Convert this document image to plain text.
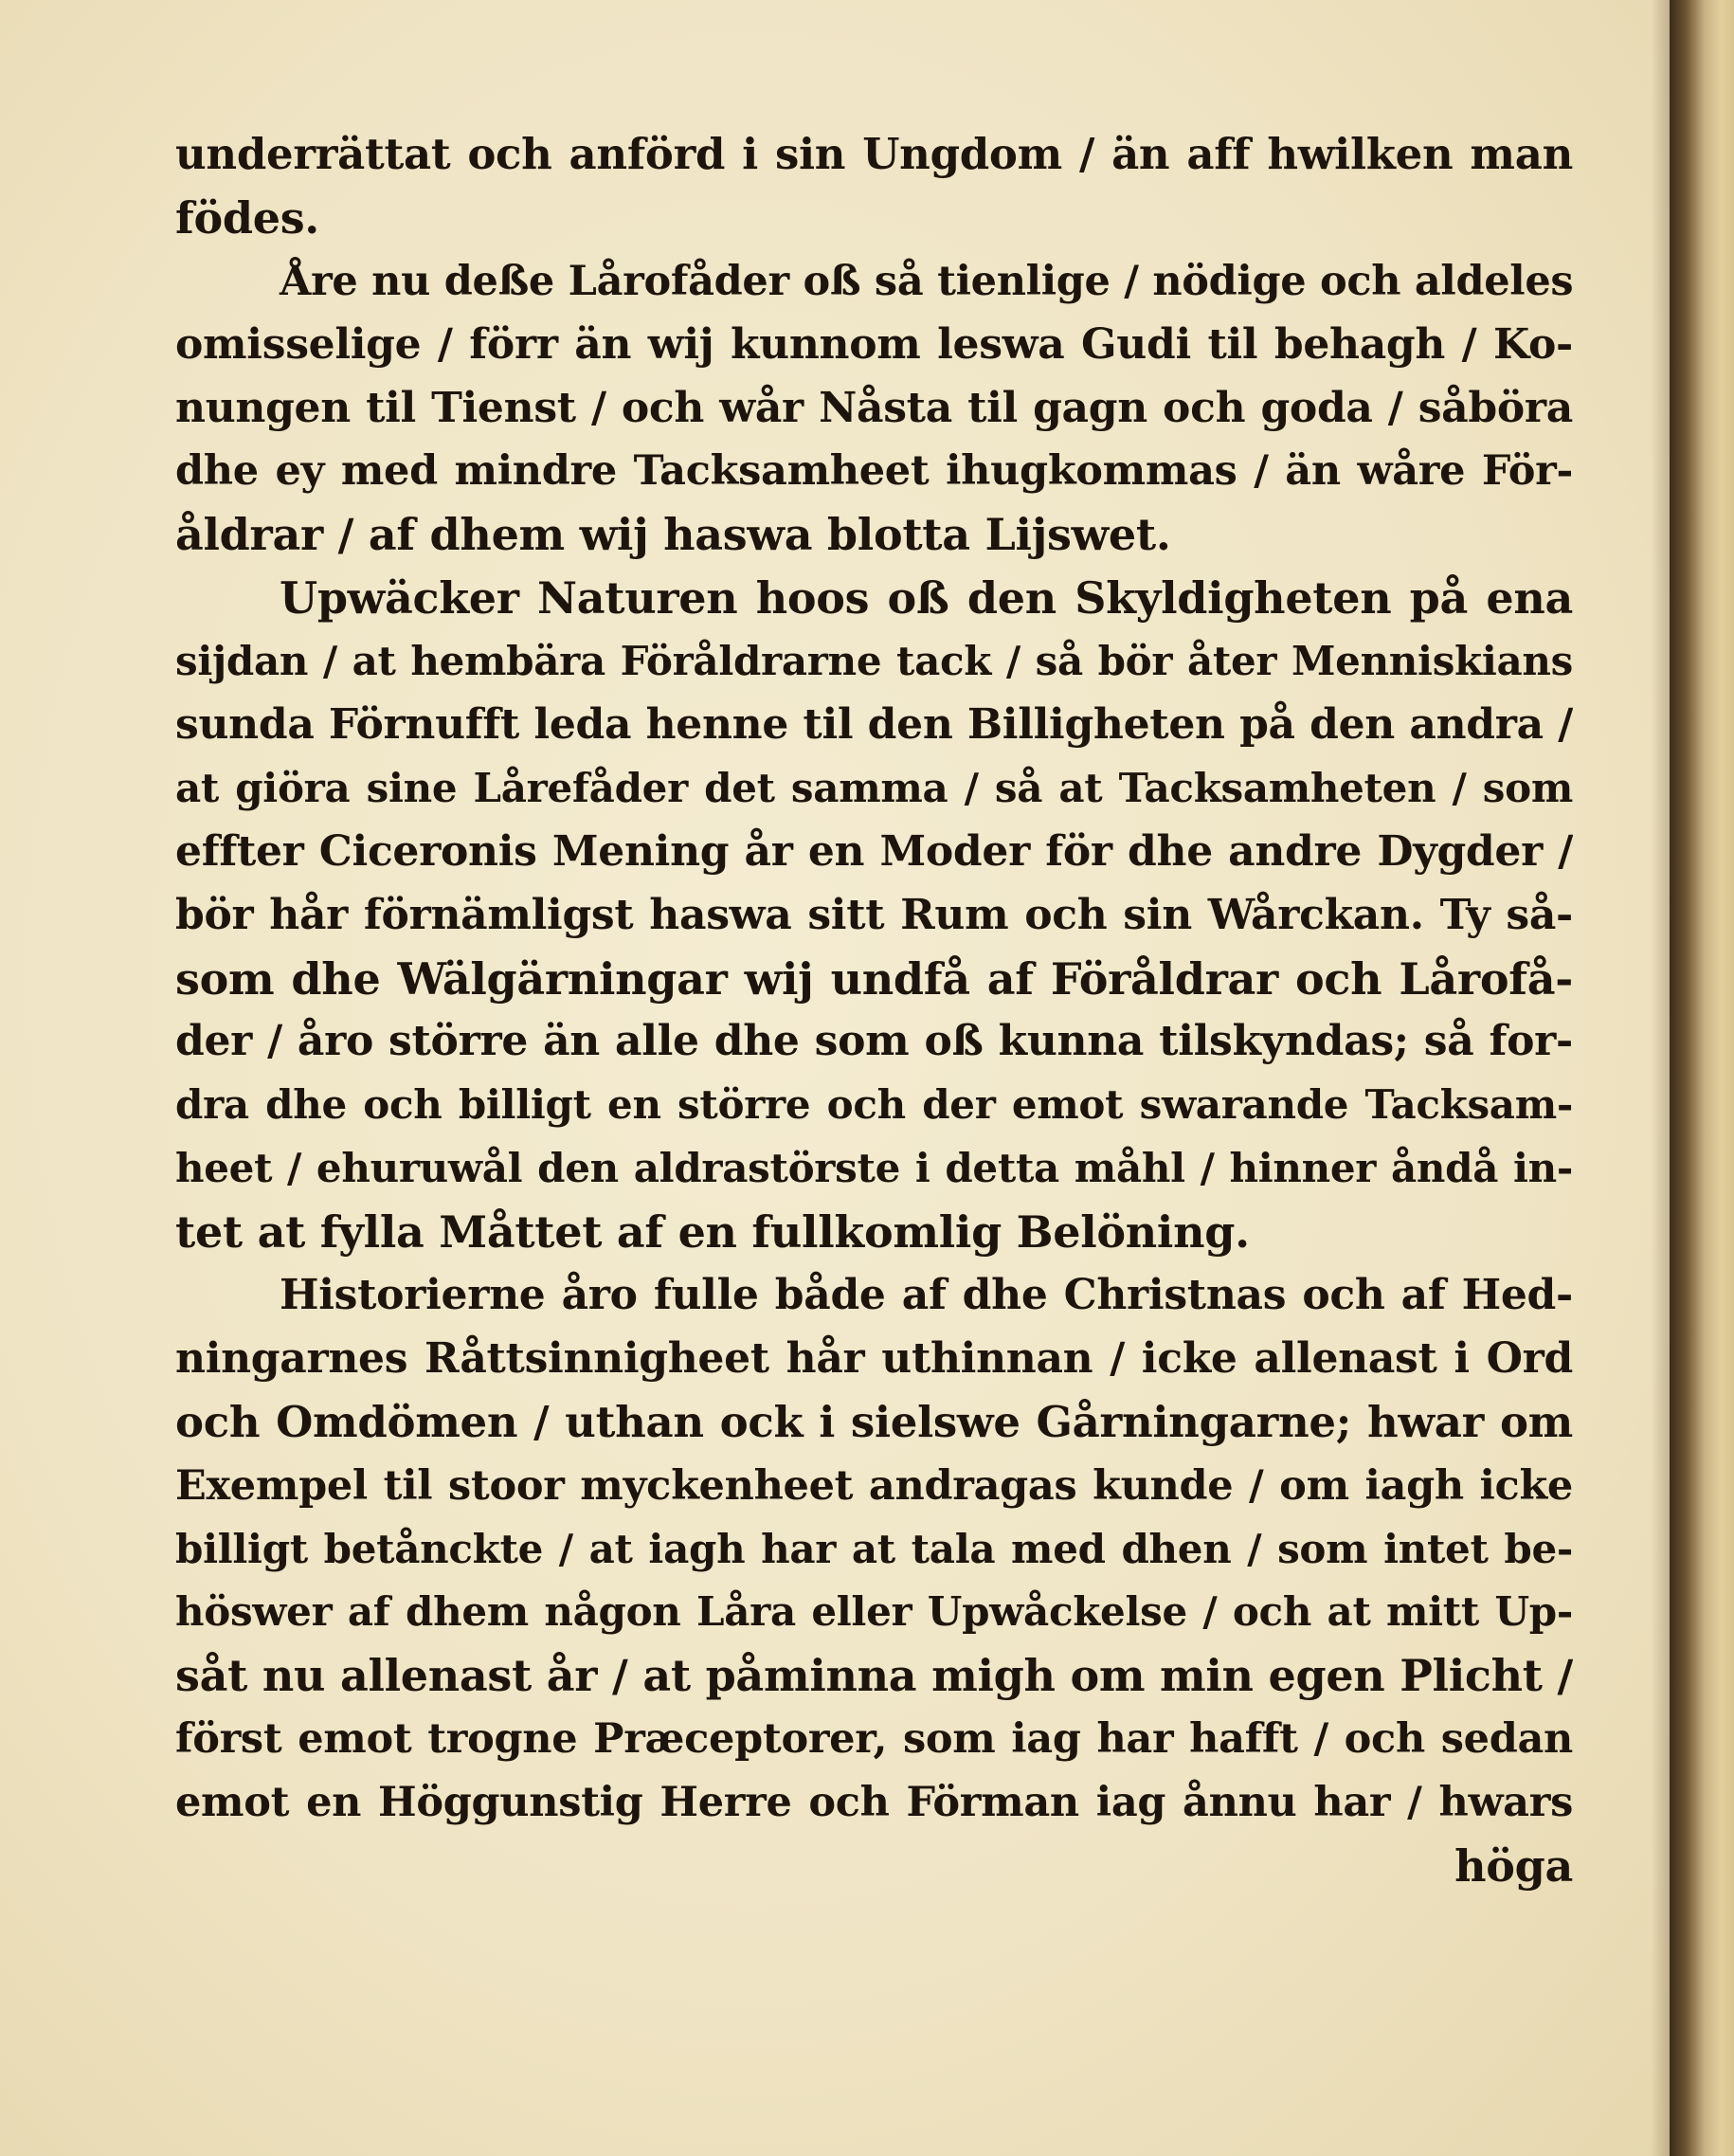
underrättat och anförd i sin Ungdom / än aff hwilken man
födes.
Åre nu deße Lårofåder oß så tienlige / nödige och aldeles
omisselige / förr än wij kunnom leswa Gudi til behagh / Ko-
nungen til Tienst / och wår Nåsta til gagn och goda / såböra
dhe ey med mindre Tacksamheet ihugkommas / än wåre För-
åldrar / af dhem wij haswa blotta Lijswet.
Upwäcker Naturen hoos oß den Skyldigheten på ena
sijdan / at hembära Föråldrarne tack / så bör åter Menniskians
sunda Förnufft leda henne til den Billigheten på den andra /
at giöra sine Lårefåder det samma / så at Tacksamheten / som
effter Ciceronis Mening år en Moder för dhe andre Dygder /
bör hår förnämligst haswa sitt Rum och sin Wårckan. Ty så-
som dhe Wälgärningar wij undfå af Föråldrar och Lårofå-
der / åro större än alle dhe som oß kunna tilskyndas; så for-
dra dhe och billigt en större och der emot swarande Tacksam-
heet / ehuruwål den aldrastörste i detta måhl / hinner åndå in-
tet at fylla Måttet af en fullkomlig Belöning.
Historierne åro fulle både af dhe Christnas och af Hed-
ningarnes Råttsinnigheet hår uthinnan / icke allenast i Ord
och Omdömen / uthan ock i sielswe Gårningarne; hwar om
Exempel til stoor myckenheet andragas kunde / om iagh icke
billigt betånckte / at iagh har at tala med dhen / som intet be-
höswer af dhem någon Låra eller Upwåckelse / och at mitt Up-
såt nu allenast år / at påminna migh om min egen Plicht /
först emot trogne Præceptorer, som iag har hafft / och sedan
emot en Höggunstig Herre och Förman iag ånnu har / hwars
höga
